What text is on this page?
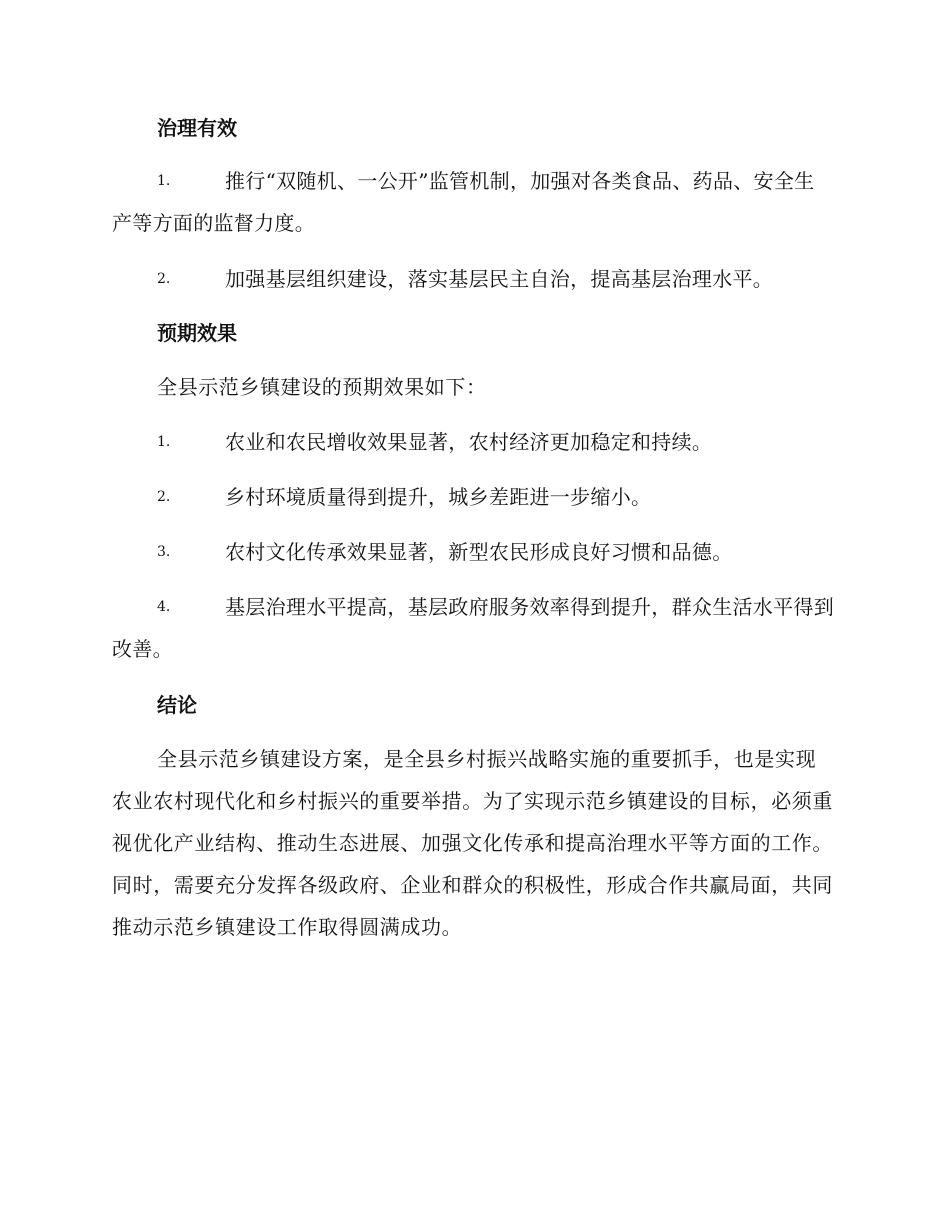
治理有效
1.	推行“双随机、一公开”监管机制，加强对各类食品、药品、安全生产等方面的监督力度。
2.	加强基层组织建设，落实基层民主自治，提高基层治理水平。
预期效果

全县示范乡镇建设的预期效果如下：

1.	农业和农民增收效果显著，农村经济更加稳定和持续。
2.	乡村环境质量得到提升，城乡差距进一步缩小。
3.	农村文化传承效果显著，新型农民形成良好习惯和品德。
4.	基层治理水平提高，基层政府服务效率得到提升，群众生活水平得到改善。
结论

全县示范乡镇建设方案，是全县乡村振兴战略实施的重要抓手，也是实现农业农村现代化和乡村振兴的重要举措。为了实现示范乡镇建设的目标，必须重视优化产业结构、推动生态进展、加强文化传承和提高治理水平等方面的工作。同时，需要充分发挥各级政府、企业和群众的积极性，形成合作共赢局面，共同推动示范乡镇建设工作取得圆满成功。
